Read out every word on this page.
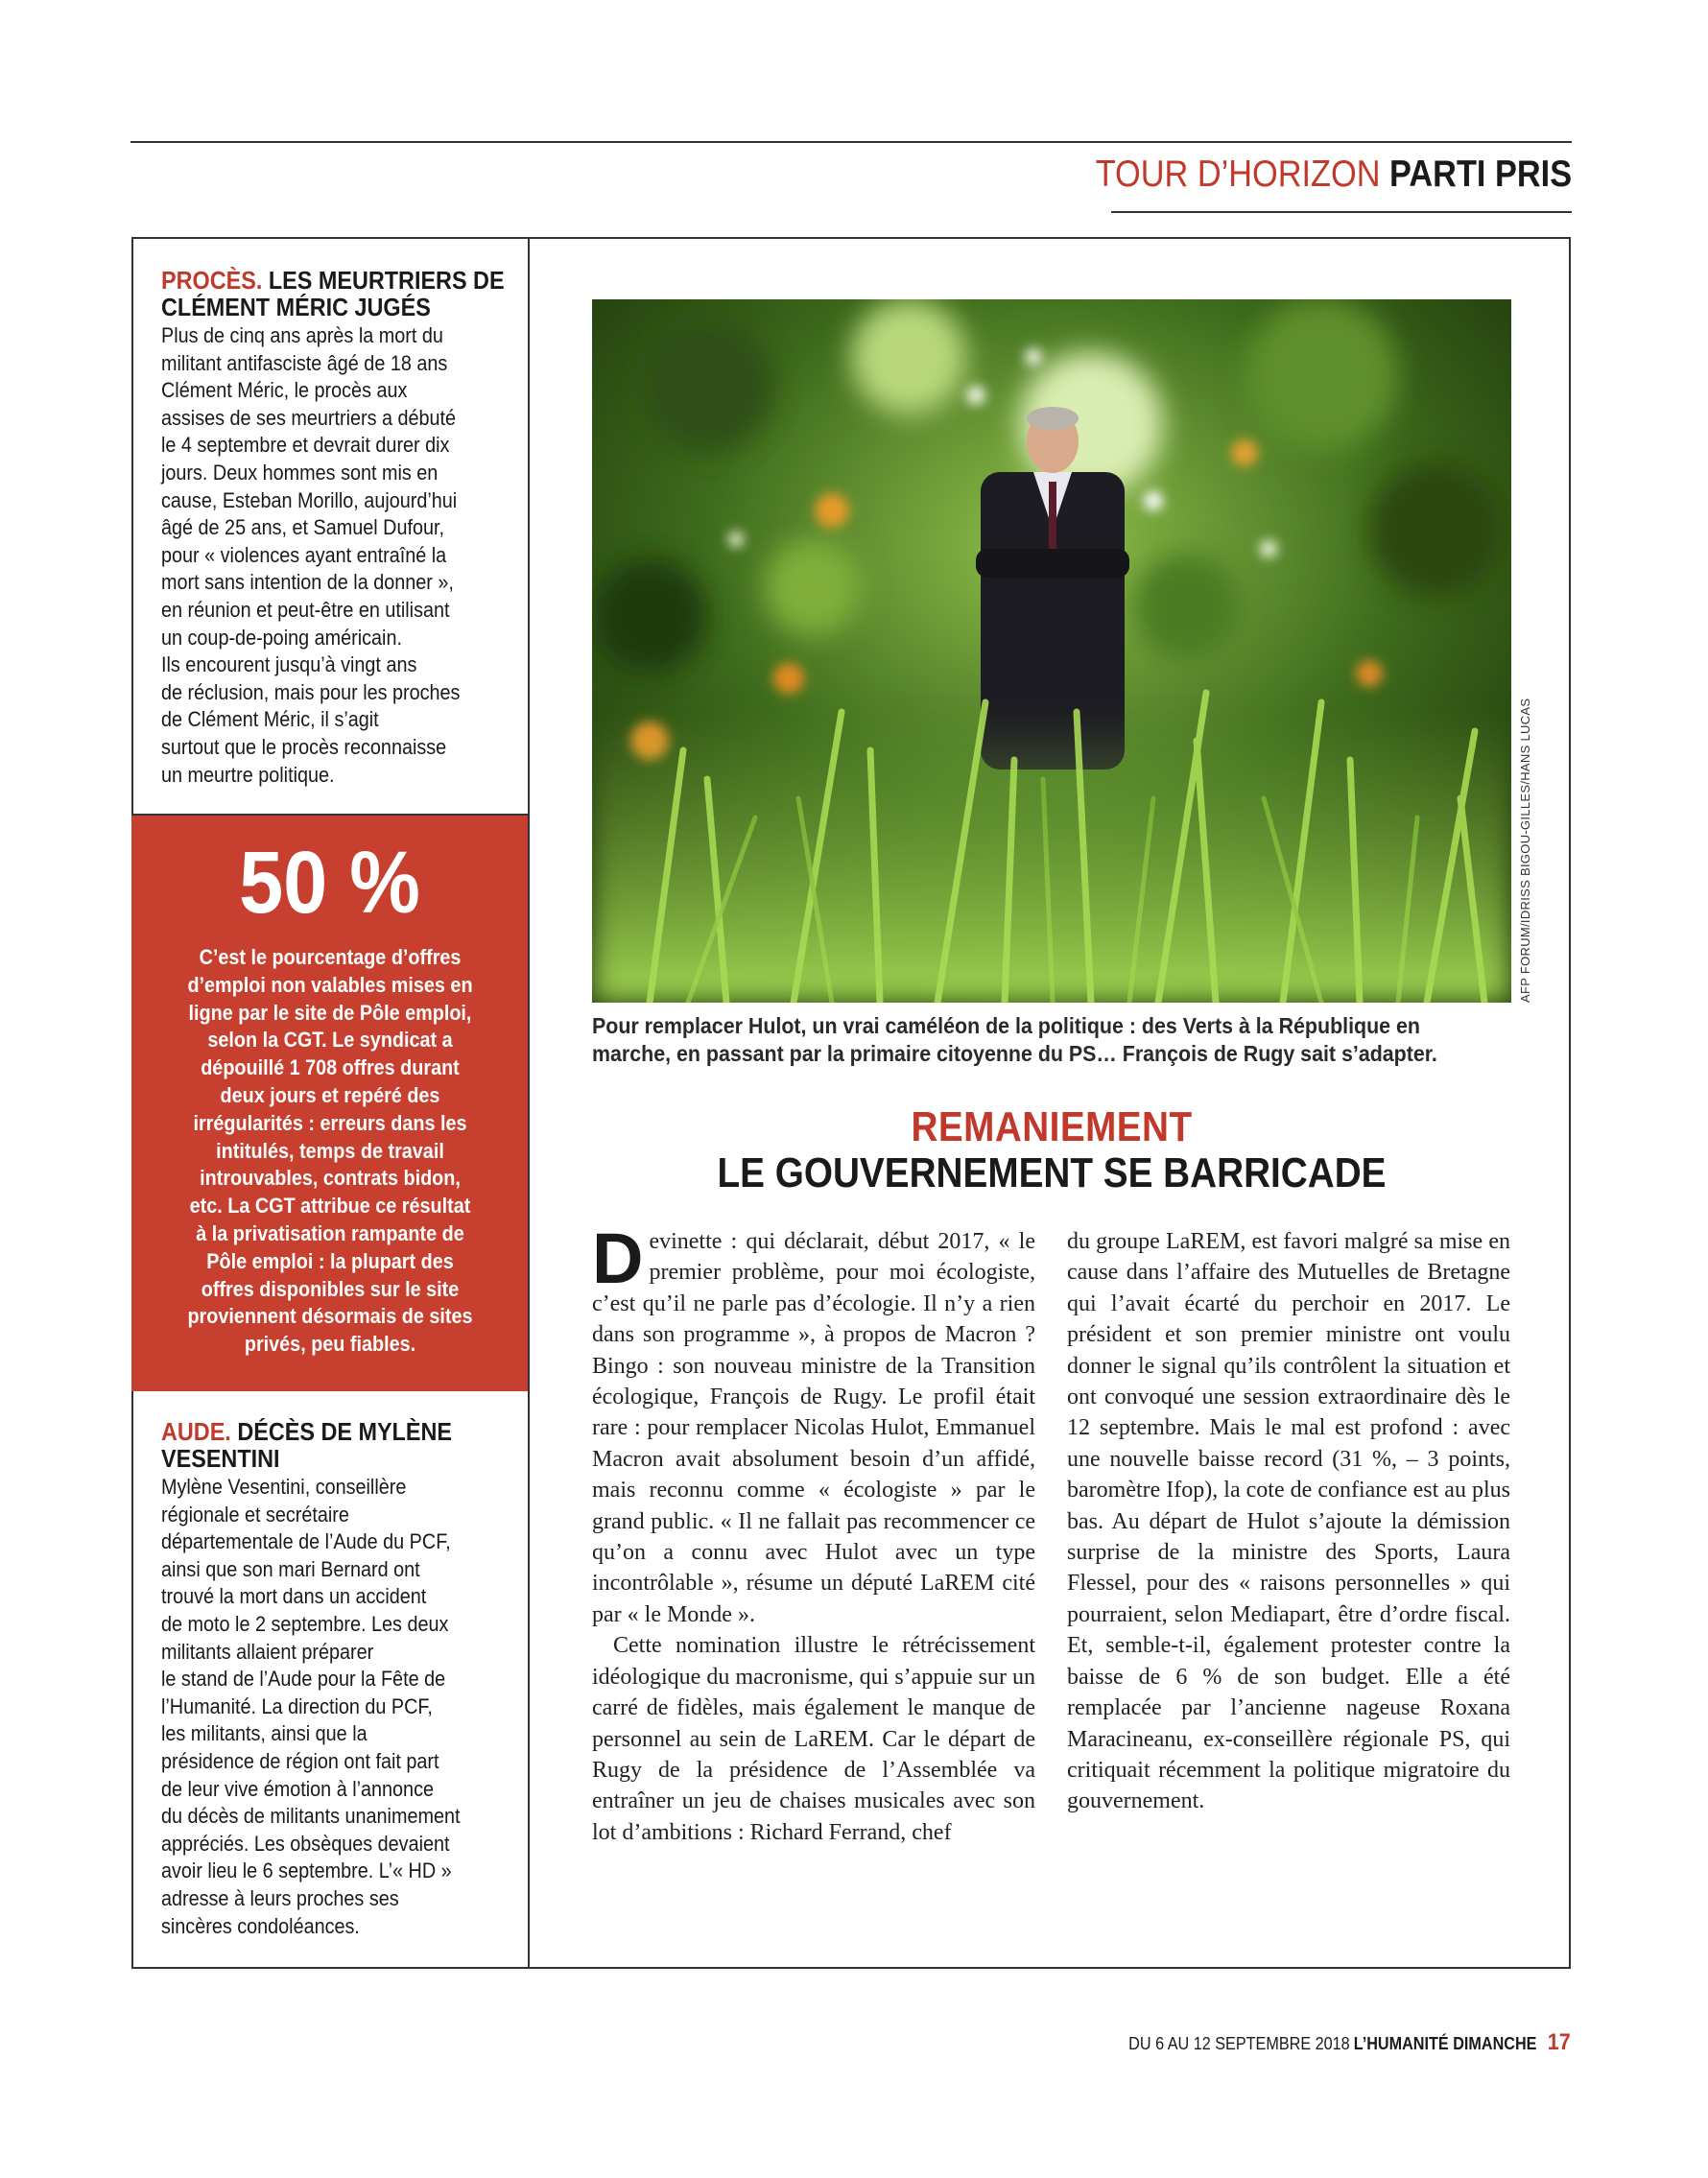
TOUR D’HORIZON PARTI PRIS
PROCÈS. LES MEURTRIERS DE CLÉMENT MÉRIC JUGÉS
Plus de cinq ans après la mort du
militant antifasciste âgé de 18 ans
Clément Méric, le procès aux
assises de ses meurtriers a débuté
le 4 septembre et devrait durer dix
jours. Deux hommes sont mis en
cause, Esteban Morillo, aujourd’hui
âgé de 25 ans, et Samuel Dufour,
pour « violences ayant entraîné la
mort sans intention de la donner »,
en réunion et peut-être en utilisant
un coup-de-poing américain.
Ils encourent jusqu’à vingt ans
de réclusion, mais pour les proches
de Clément Méric, il s’agit
surtout que le procès reconnaisse
un meurtre politique.
50 %
C’est le pourcentage d’offres
d’emploi non valables mises en
ligne par le site de Pôle emploi,
selon la CGT. Le syndicat a
dépouillé 1 708 offres durant
deux jours et repéré des
irrégularités : erreurs dans les
intitulés, temps de travail
introuvables, contrats bidon,
etc. La CGT attribue ce résultat
à la privatisation rampante de
Pôle emploi : la plupart des
offres disponibles sur le site
proviennent désormais de sites
privés, peu fiables.
AUDE. DÉCÈS DE MYLÈNE VESENTINI
Mylène Vesentini, conseillère
régionale et secrétaire
départementale de l’Aude du PCF,
ainsi que son mari Bernard ont
trouvé la mort dans un accident
de moto le 2 septembre. Les deux
militants allaient préparer
le stand de l’Aude pour la Fête de
l’Humanité. La direction du PCF,
les militants, ainsi que la
présidence de région ont fait part
de leur vive émotion à l’annonce
du décès de militants unanimement
appréciés. Les obsèques devaient
avoir lieu le 6 septembre. L’« HD »
adresse à leurs proches ses
sincères condoléances.
AFP FORUM/IDRISS BIGOU-GILLES/HANS LUCAS
Pour remplacer Hulot, un vrai caméléon de la politique : des Verts à la République en
marche, en passant par la primaire citoyenne du PS… François de Rugy sait s’adapter.
REMANIEMENT
LE GOUVERNEMENT SE BARRICADE

D evinette : qui déclarait, début 2017, « le premier problème, pour moi écologiste, c’est qu’il ne parle pas d’écologie. Il n’y a rien dans son programme », à propos de Macron ? Bingo : son nouveau ministre de la Transition écologique, François de Rugy. Le profil était rare : pour remplacer Nicolas Hulot, Emmanuel Macron avait absolument besoin d’un affidé, mais reconnu comme « écologiste » par le grand public. « Il ne fallait pas recommencer ce qu’on a connu avec Hulot avec un type incontrôlable », résume un député LaREM cité par « le Monde ».

Cette nomination illustre le rétrécissement idéologique du macronisme, qui s’appuie sur un carré de fidèles, mais également le manque de personnel au sein de LaREM. Car le départ de Rugy de la présidence de l’Assemblée va entraîner un jeu de chaises musicales avec son lot d’ambitions : Richard Ferrand, chef

du groupe LaREM, est favori malgré sa mise en cause dans l’affaire des Mutuelles de Bretagne qui l’avait écarté du perchoir en 2017. Le président et son premier ministre ont voulu donner le signal qu’ils contrôlent la situation et ont convoqué une session extraordinaire dès le 12 septembre. Mais le mal est profond : avec une nouvelle baisse record (31 %, – 3 points, baromètre Ifop), la cote de confiance est au plus bas. Au départ de Hulot s’ajoute la démission surprise de la ministre des Sports, Laura Flessel, pour des « raisons personnelles » qui pourraient, selon Mediapart, être d’ordre fiscal. Et, semble-t-il, également protester contre la baisse de 6 % de son budget. Elle a été remplacée par l’ancienne nageuse Roxana Maracineanu, ex-conseillère régionale PS, qui critiquait récemment la politique migratoire du gouvernement.

DU 6 AU 12 SEPTEMBRE 2018 L’HUMANITÉ DIMANCHE 17
